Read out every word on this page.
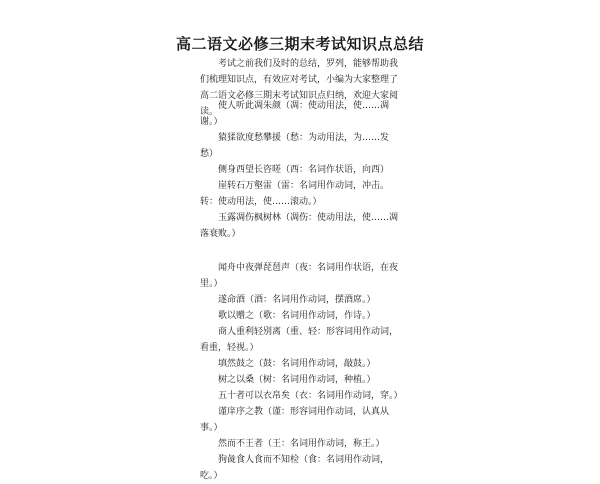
高二语文必修三期末考试知识点总结
考试之前我们及时的总结，罗列，能够帮助我们梳理知识点，有效应对考试，小编为大家整理了高二语文必修三期末考试知识点归纳，欢迎大家阅读。
使人听此凋朱颜（凋：使动用法，使……凋谢。）
猿猱欲度愁攀援（愁：为动用法，为……发愁）
侧身西望长咨嗟（西：名词作状语，向西）
崖转石万壑雷（雷：名词用作动词，冲击。 转：使动用法，使……滚动。）
玉露凋伤枫树林（凋伤：使动用法，使……凋落衰败。）
闻舟中夜弹琵琶声（夜：名词用作状语，在夜里。）
遂命酒（酒：名词用作动词，摆酒席。）
歌以赠之（歌：名词用作动词，作诗。）
商人重利轻别离（重、轻：形容词用作动词，看重，轻视。）
填然鼓之（鼓：名词用作动词，敲鼓。）
树之以桑（树：名词用作动词，种植。）
五十者可以衣帛矣（衣：名词用作动词，穿。）
谨庠序之教（谨：形容词用作动词，认真从事。）
然而不王者（王：名词用作动词，称王。）
狗彘食人食而不知检（食：名词用作动词，吃。）
